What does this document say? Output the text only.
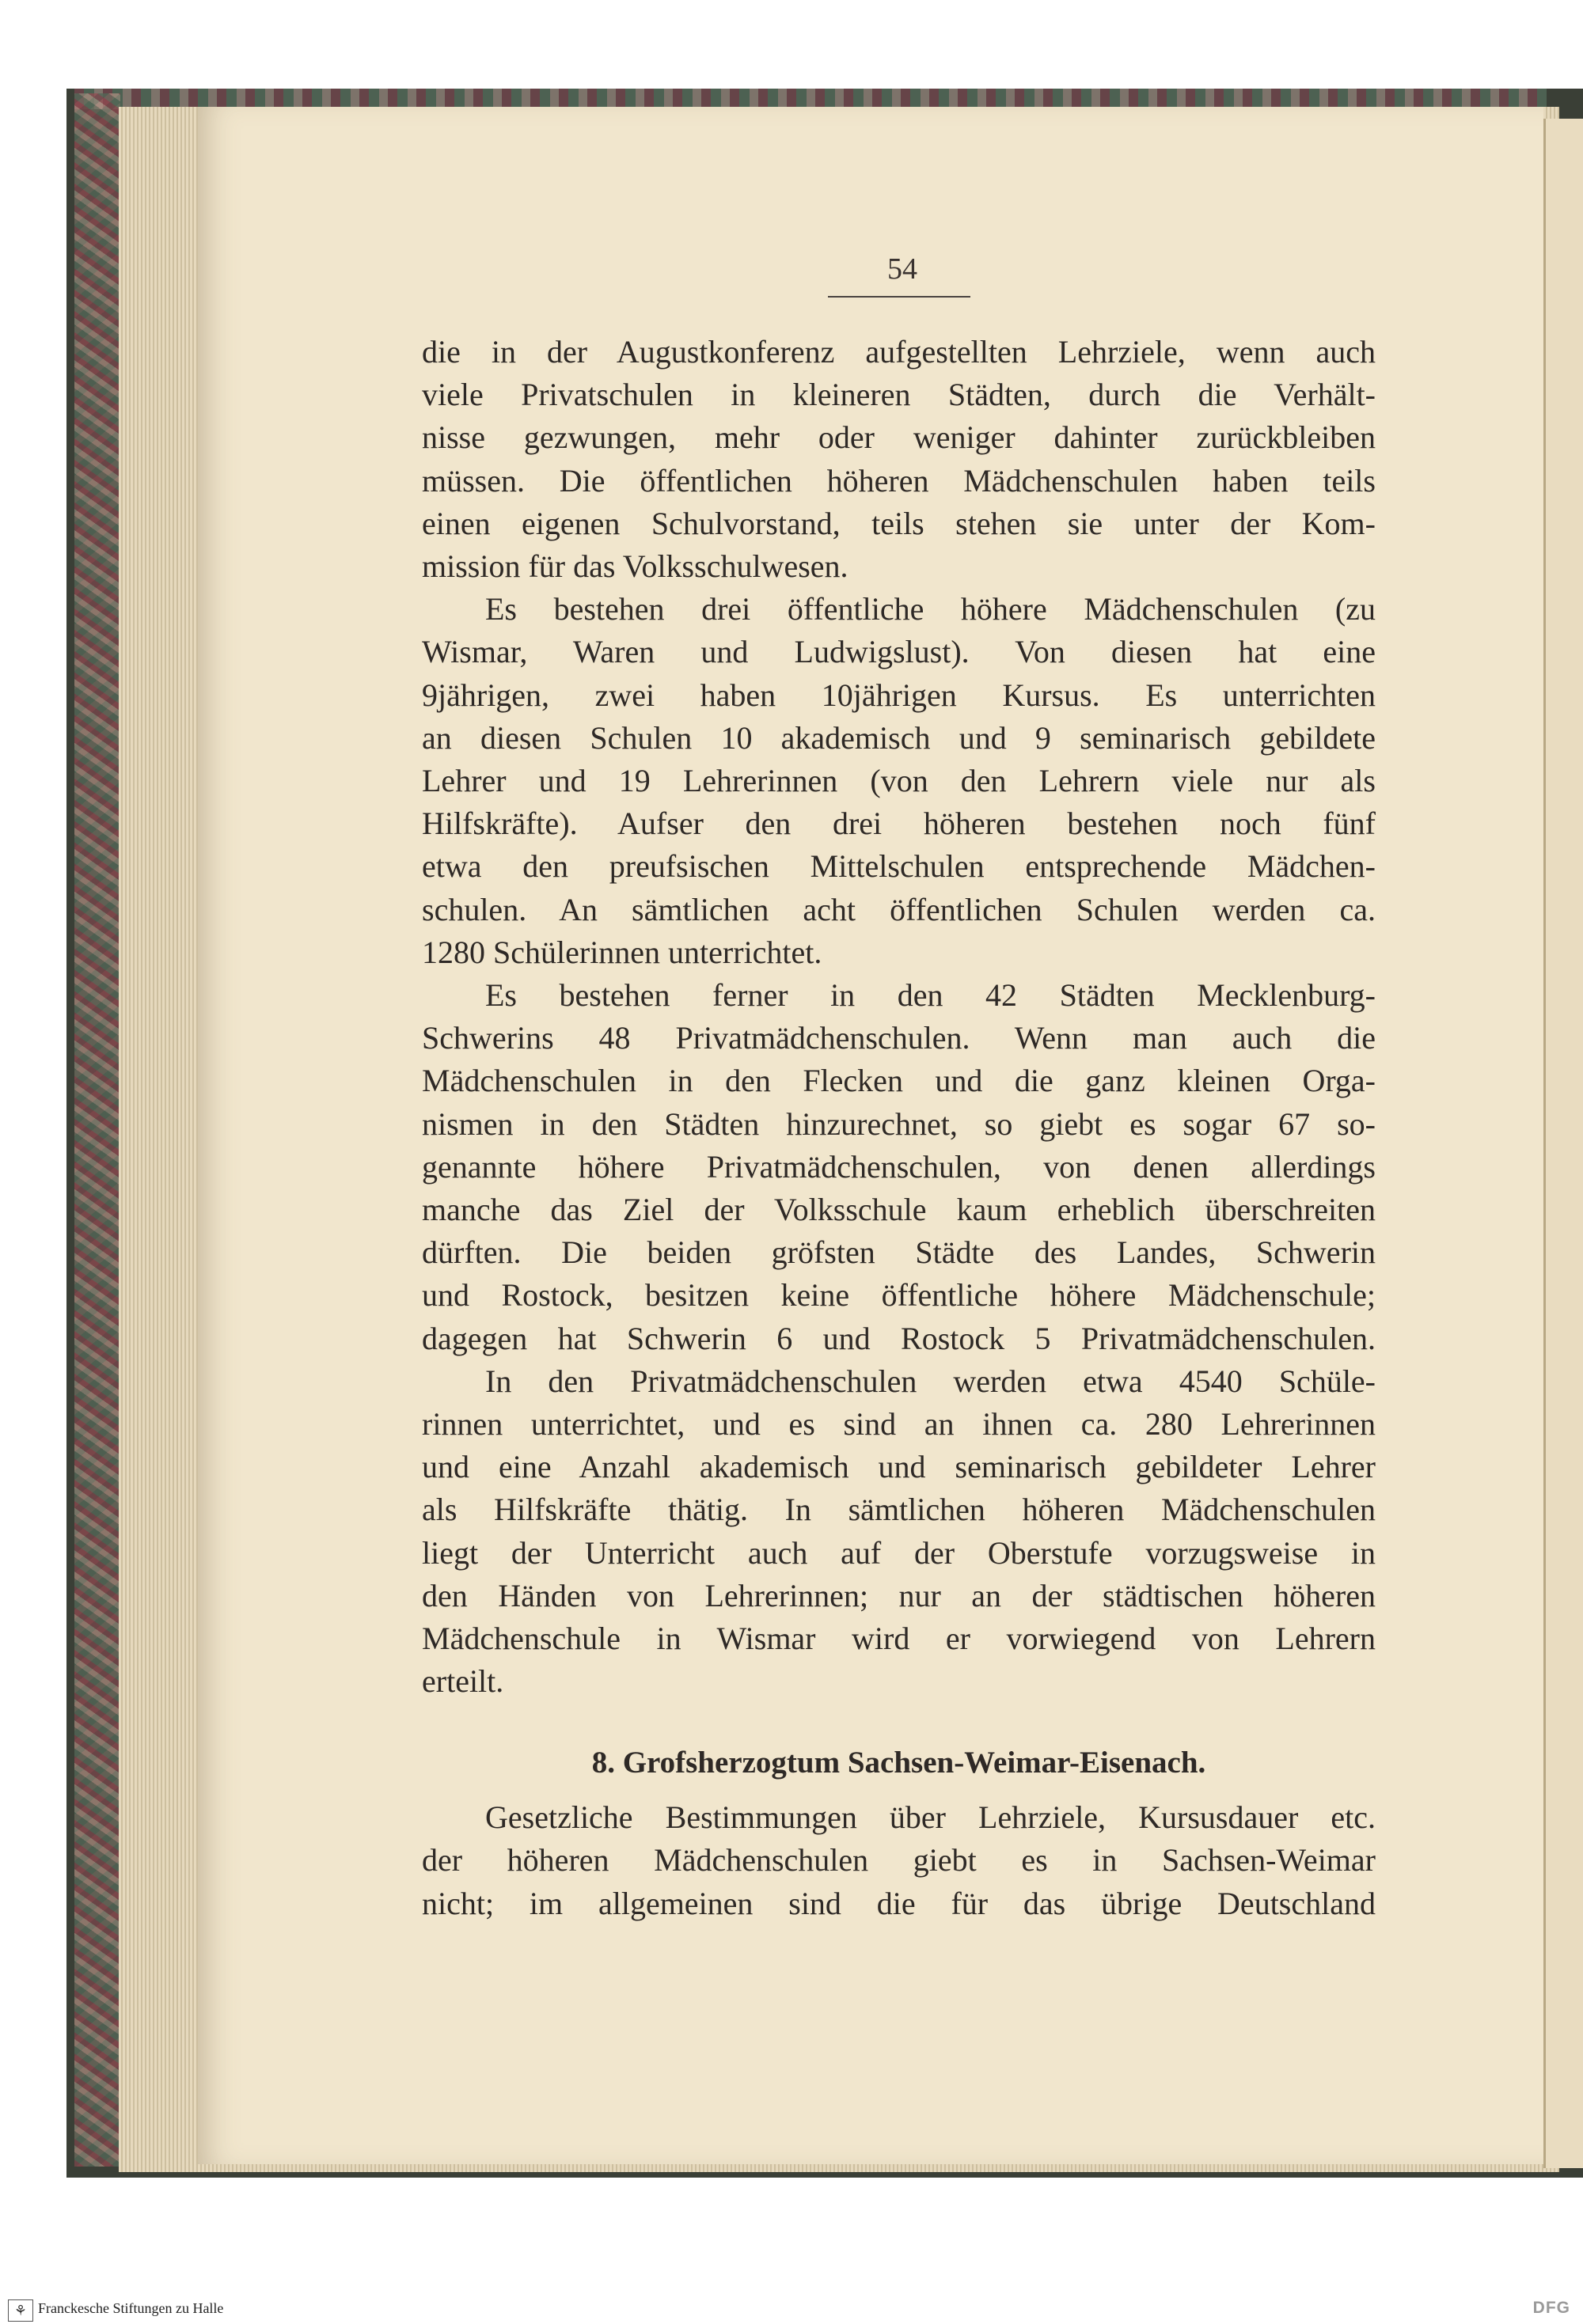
54
die in der Augustkonferenz aufgestellten Lehrziele, wenn auch
viele Privatschulen in kleineren Städten, durch die Verhält-
nisse gezwungen, mehr oder weniger dahinter zurückbleiben
müssen. Die öffentlichen höheren Mädchenschulen haben teils
einen eigenen Schulvorstand, teils stehen sie unter der Kom-
mission für das Volksschulwesen.
Es bestehen drei öffentliche höhere Mädchenschulen (zu
Wismar, Waren und Ludwigslust). Von diesen hat eine
9jährigen, zwei haben 10jährigen Kursus. Es unterrichten
an diesen Schulen 10 akademisch und 9 seminarisch gebildete
Lehrer und 19 Lehrerinnen (von den Lehrern viele nur als
Hilfskräfte). Aufser den drei höheren bestehen noch fünf
etwa den preufsischen Mittelschulen entsprechende Mädchen-
schulen. An sämtlichen acht öffentlichen Schulen werden ca.
1280 Schülerinnen unterrichtet.
Es bestehen ferner in den 42 Städten Mecklenburg-
Schwerins 48 Privatmädchenschulen. Wenn man auch die
Mädchenschulen in den Flecken und die ganz kleinen Orga-
nismen in den Städten hinzurechnet, so giebt es sogar 67 so-
genannte höhere Privatmädchenschulen, von denen allerdings
manche das Ziel der Volksschule kaum erheblich überschreiten
dürften. Die beiden gröfsten Städte des Landes, Schwerin
und Rostock, besitzen keine öffentliche höhere Mädchenschule;
dagegen hat Schwerin 6 und Rostock 5 Privatmädchenschulen.
In den Privatmädchenschulen werden etwa 4540 Schüle-
rinnen unterrichtet, und es sind an ihnen ca. 280 Lehrerinnen
und eine Anzahl akademisch und seminarisch gebildeter Lehrer
als Hilfskräfte thätig. In sämtlichen höheren Mädchenschulen
liegt der Unterricht auch auf der Oberstufe vorzugsweise in
den Händen von Lehrerinnen; nur an der städtischen höheren
Mädchenschule in Wismar wird er vorwiegend von Lehrern
erteilt.
8. Grofsherzogtum Sachsen-Weimar-Eisenach.
Gesetzliche Bestimmungen über Lehrziele, Kursusdauer etc.
der höheren Mädchenschulen giebt es in Sachsen-Weimar
nicht; im allgemeinen sind die für das übrige Deutschland
⚘ Franckesche Stiftungen zu Halle	DFG
